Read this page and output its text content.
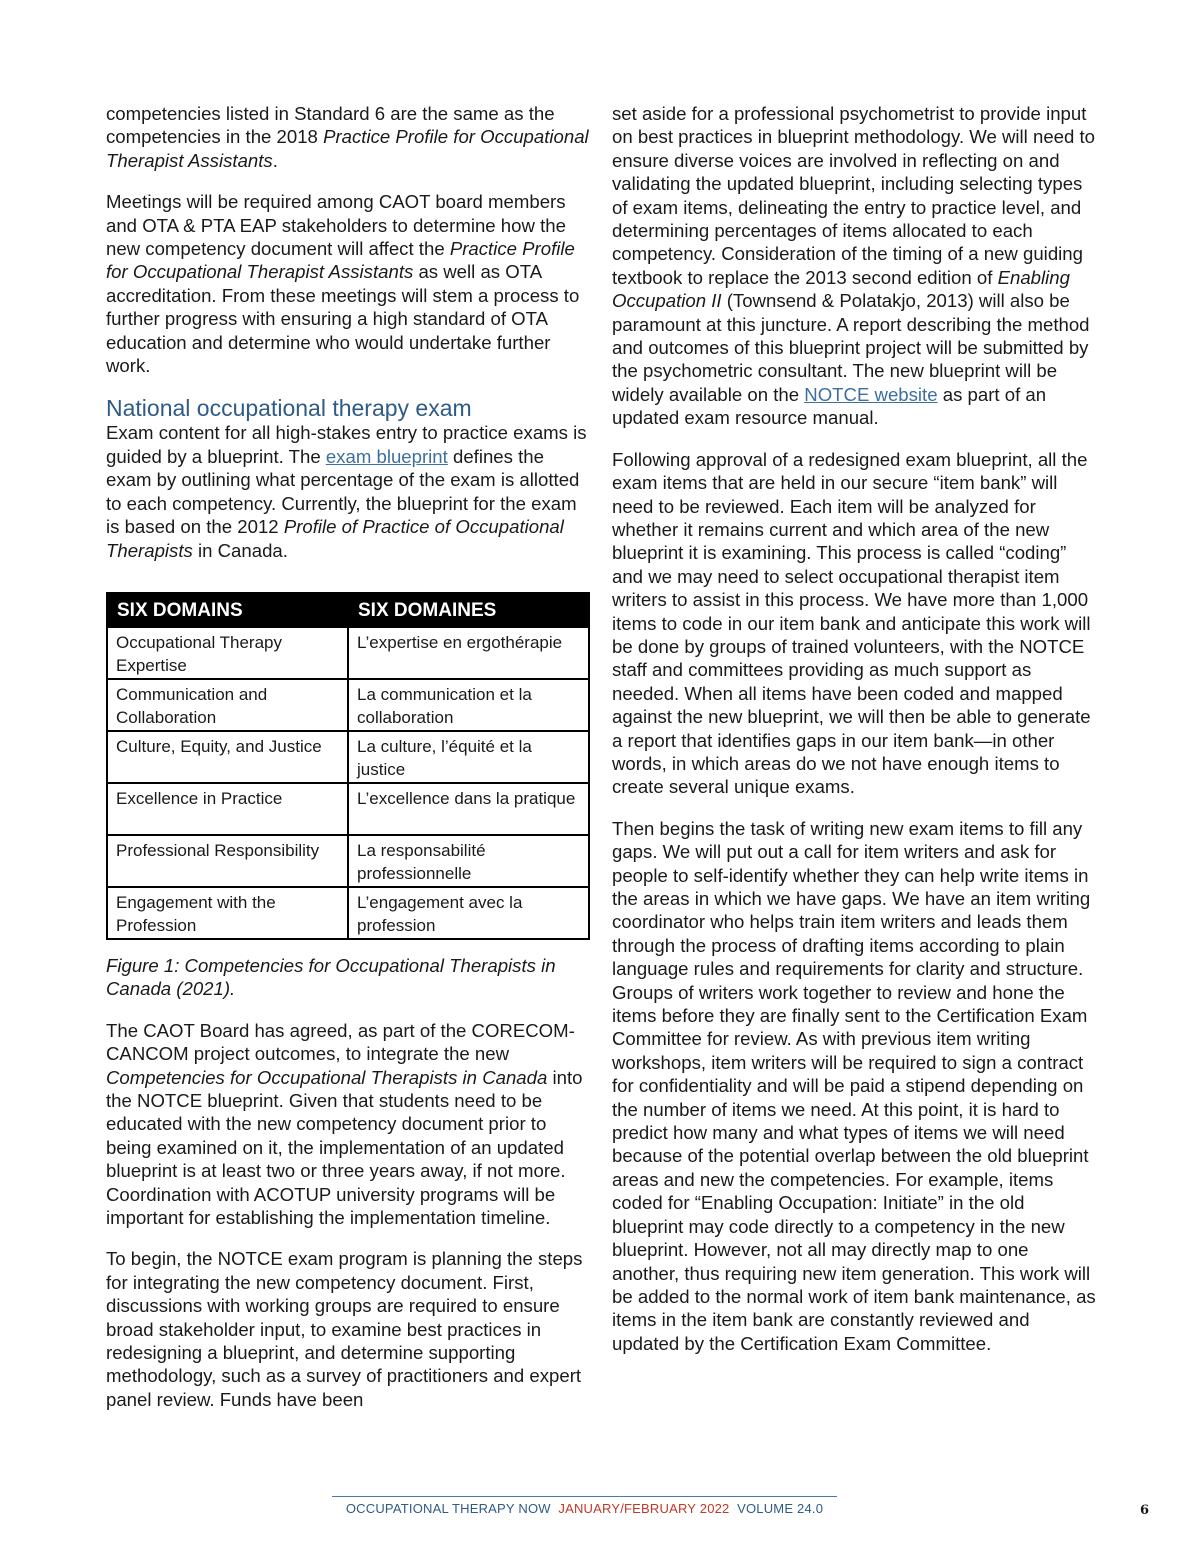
competencies listed in Standard 6 are the same as the competencies in the 2018 Practice Profile for Occupational Therapist Assistants.

Meetings will be required among CAOT board members and OTA & PTA EAP stakeholders to determine how the new competency document will affect the Practice Profile for Occupational Therapist Assistants as well as OTA accreditation. From these meetings will stem a process to further progress with ensuring a high standard of OTA education and determine who would undertake further work.

National occupational therapy exam

Exam content for all high-stakes entry to practice exams is guided by a blueprint. The exam blueprint defines the exam by outlining what percentage of the exam is allotted to each competency. Currently, the blueprint for the exam is based on the 2012 Profile of Practice of Occupational Therapists in Canada.

SIX DOMAINS	SIX DOMAINES
Occupational Therapy Expertise	L’expertise en ergothérapie
Communication and Collaboration	La communication et la collaboration
Culture, Equity, and Justice	La culture, l’équité et la justice
Excellence in Practice	L’excellence dans la pratique
Professional Responsibility	La responsabilité professionnelle
Engagement with the Profession	L’engagement avec la profession

Figure 1: Competencies for Occupational Therapists in Canada (2021).

The CAOT Board has agreed, as part of the CORECOM-CANCOM project outcomes, to integrate the new Competencies for Occupational Therapists in Canada into the NOTCE blueprint. Given that students need to be educated with the new competency document prior to being examined on it, the implementation of an updated blueprint is at least two or three years away, if not more. Coordination with ACOTUP university programs will be important for establishing the implementation timeline.

To begin, the NOTCE exam program is planning the steps for integrating the new competency document. First, discussions with working groups are required to ensure broad stakeholder input, to examine best practices in redesigning a blueprint, and determine supporting methodology, such as a survey of practitioners and expert panel review. Funds have been

set aside for a professional psychometrist to provide input on best practices in blueprint methodology. We will need to ensure diverse voices are involved in reflecting on and validating the updated blueprint, including selecting types of exam items, delineating the entry to practice level, and determining percentages of items allocated to each competency. Consideration of the timing of a new guiding textbook to replace the 2013 second edition of Enabling Occupation II (Townsend & Polatakjo, 2013) will also be paramount at this juncture. A report describing the method and outcomes of this blueprint project will be submitted by the psychometric consultant. The new blueprint will be widely available on the NOTCE website as part of an updated exam resource manual.

Following approval of a redesigned exam blueprint, all the exam items that are held in our secure “item bank” will need to be reviewed. Each item will be analyzed for whether it remains current and which area of the new blueprint it is examining. This process is called “coding” and we may need to select occupational therapist item writers to assist in this process. We have more than 1,000 items to code in our item bank and anticipate this work will be done by groups of trained volunteers, with the NOTCE staff and committees providing as much support as needed. When all items have been coded and mapped against the new blueprint, we will then be able to generate a report that identifies gaps in our item bank—in other words, in which areas do we not have enough items to create several unique exams.

Then begins the task of writing new exam items to fill any gaps. We will put out a call for item writers and ask for people to self-identify whether they can help write items in the areas in which we have gaps. We have an item writing coordinator who helps train item writers and leads them through the process of drafting items according to plain language rules and requirements for clarity and structure. Groups of writers work together to review and hone the items before they are finally sent to the Certification Exam Committee for review. As with previous item writing workshops, item writers will be required to sign a contract for confidentiality and will be paid a stipend depending on the number of items we need. At this point, it is hard to predict how many and what types of items we will need because of the potential overlap between the old blueprint areas and new the competencies. For example, items coded for “Enabling Occupation: Initiate” in the old blueprint may code directly to a competency in the new blueprint. However, not all may directly map to one another, thus requiring new item generation. This work will be added to the normal work of item bank maintenance, as items in the item bank are constantly reviewed and updated by the Certification Exam Committee.

OCCUPATIONAL THERAPY NOW JANUARY/FEBRUARY 2022 VOLUME 24.0	6
